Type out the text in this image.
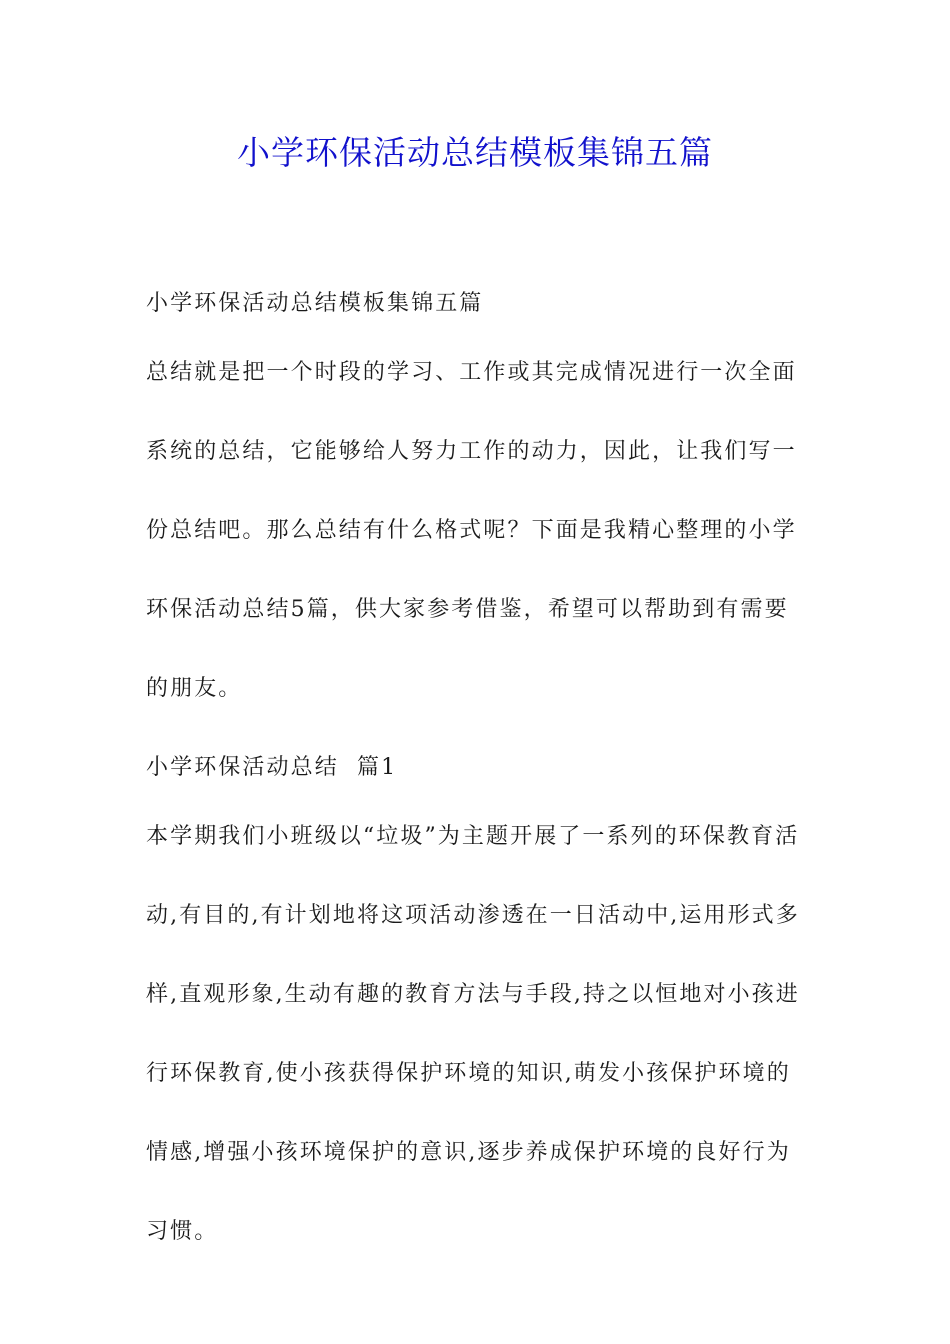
小学环保活动总结模板集锦五篇

小学环保活动总结模板集锦五篇

总结就是把一个时段的学习、工作或其完成情况进行一次全面系统的总结，它能够给人努力工作的动力，因此，让我们写一份总结吧。那么总结有什么格式呢？下面是我精心整理的小学环保活动总结5篇，供大家参考借鉴，希望可以帮助到有需要的朋友。

小学环保活动总结  篇1

本学期我们小班级以“垃圾”为主题开展了一系列的环保教育活动,有目的,有计划地将这项活动渗透在一日活动中,运用形式多样,直观形象,生动有趣的教育方法与手段,持之以恒地对小孩进行环保教育,使小孩获得保护环境的知识,萌发小孩保护环境的情感,增强小孩环境保护的意识,逐步养成保护环境的良好行为习惯。
